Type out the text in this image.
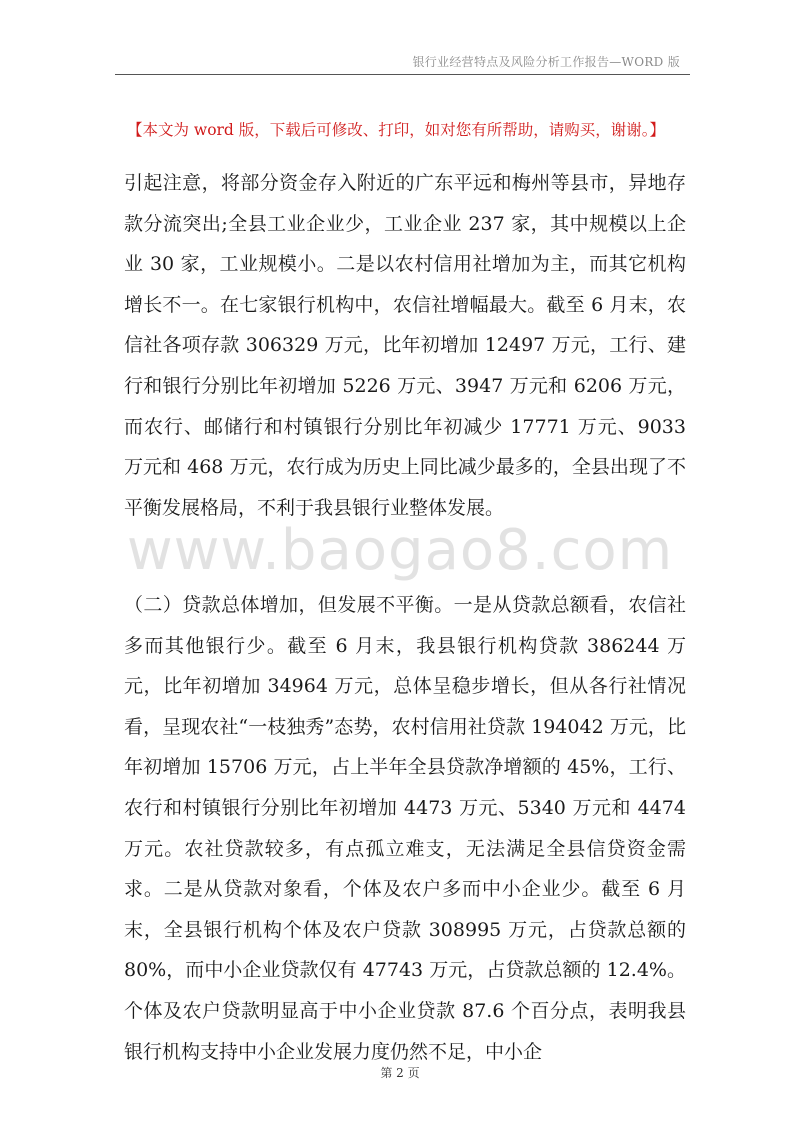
银行业经营特点及风险分析工作报告—WORD 版
【本文为 word 版，下载后可修改、打印，如对您有所帮助，请购买，谢谢。】

引起注意，将部分资金存入附近的广东平远和梅州等县市，异地存款分流突出;全县工业企业少，工业企业 237 家，其中规模以上企业 30 家，工业规模小。二是以农村信用社增加为主，而其它机构增长不一。在七家银行机构中，农信社增幅最大。截至 6 月末，农信社各项存款 306329 万元，比年初增加 12497 万元，工行、建行和银行分别比年初增加 5226 万元、3947 万元和 6206 万元，而农行、邮储行和村镇银行分别比年初减少 17771 万元、9033 万元和 468 万元，农行成为历史上同比减少最多的，全县出现了不平衡发展格局，不利于我县银行业整体发展。

www.baogao8.com

（二）贷款总体增加，但发展不平衡。一是从贷款总额看，农信社多而其他银行少。截至 6 月末，我县银行机构贷款 386244 万元，比年初增加 34964 万元，总体呈稳步增长，但从各行社情况看，呈现农社“一枝独秀”态势，农村信用社贷款 194042 万元，比年初增加 15706 万元，占上半年全县贷款净增额的 45%，工行、农行和村镇银行分别比年初增加 4473 万元、5340 万元和 4474 万元。农社贷款较多，有点孤立难支，无法满足全县信贷资金需求。二是从贷款对象看，个体及农户多而中小企业少。截至 6 月末，全县银行机构个体及农户贷款 308995 万元，占贷款总额的 80%，而中小企业贷款仅有 47743 万元，占贷款总额的 12.4%。个体及农户贷款明显高于中小企业贷款 87.6 个百分点，表明我县银行机构支持中小企业发展力度仍然不足，中小企

第 2 页
